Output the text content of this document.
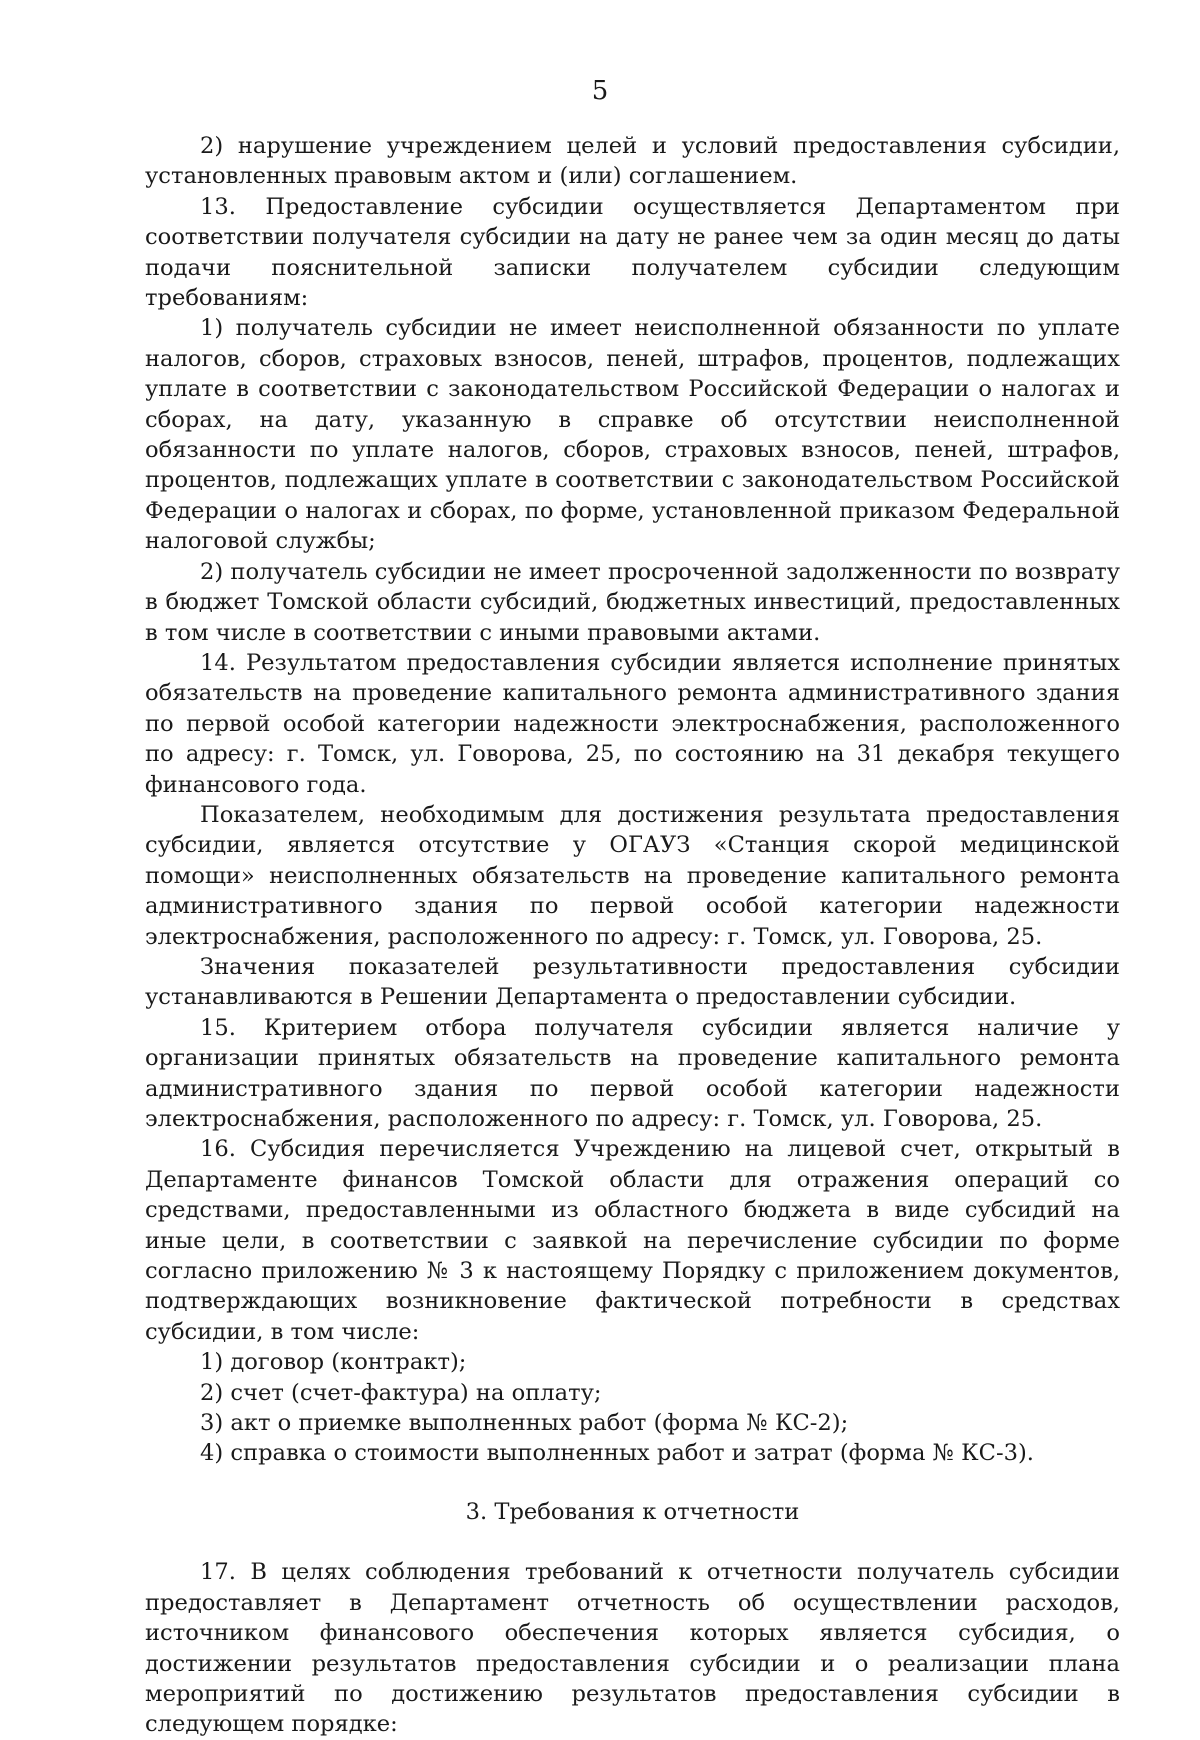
5

2) нарушение учреждением целей и условий предоставления субсидии, установленных правовым актом и (или) соглашением.

13. Предоставление субсидии осуществляется Департаментом при соответствии получателя субсидии на дату не ранее чем за один месяц до даты подачи пояснительной записки получателем субсидии следующим требованиям:

1) получатель субсидии не имеет неисполненной обязанности по уплате налогов, сборов, страховых взносов, пеней, штрафов, процентов, подлежащих уплате в соответствии с законодательством Российской Федерации о налогах и сборах, на дату, указанную в справке об отсутствии неисполненной обязанности по уплате налогов, сборов, страховых взносов, пеней, штрафов, процентов, подлежащих уплате в соответствии с законодательством Российской Федерации о налогах и сборах, по форме, установленной приказом Федеральной налоговой службы;

2) получатель субсидии не имеет просроченной задолженности по возврату в бюджет Томской области субсидий, бюджетных инвестиций, предоставленных в том числе в соответствии с иными правовыми актами.

14. Результатом предоставления субсидии является исполнение принятых обязательств на проведение капитального ремонта административного здания по первой особой категории надежности электроснабжения, расположенного по адресу: г. Томск, ул. Говорова, 25, по состоянию на 31 декабря текущего финансового года.

Показателем, необходимым для достижения результата предоставления субсидии, является отсутствие у ОГАУЗ «Станция скорой медицинской помощи» неисполненных обязательств на проведение капитального ремонта административного здания по первой особой категории надежности электроснабжения, расположенного по адресу: г. Томск, ул. Говорова, 25.

Значения показателей результативности предоставления субсидии устанавливаются в Решении Департамента о предоставлении субсидии.

15. Критерием отбора получателя субсидии является наличие у организации принятых обязательств на проведение капитального ремонта административного здания по первой особой категории надежности электроснабжения, расположенного по адресу: г. Томск, ул. Говорова, 25.

16. Субсидия перечисляется Учреждению на лицевой счет, открытый в Департаменте финансов Томской области для отражения операций со средствами, предоставленными из областного бюджета в виде субсидий на иные цели, в соответствии с заявкой на перечисление субсидии по форме согласно приложению № 3 к настоящему Порядку с приложением документов, подтверждающих возникновение фактической потребности в средствах субсидии, в том числе:

1) договор (контракт);

2) счет (счет-фактура) на оплату;

3) акт о приемке выполненных работ (форма № КС-2);

4) справка о стоимости выполненных работ и затрат (форма № КС-3).

3. Требования к отчетности

17. В целях соблюдения требований к отчетности получатель субсидии предоставляет в Департамент отчетность об осуществлении расходов, источником финансового обеспечения которых является субсидия, о достижении результатов предоставления субсидии и о реализации плана мероприятий по достижению результатов предоставления субсидии в следующем порядке:
